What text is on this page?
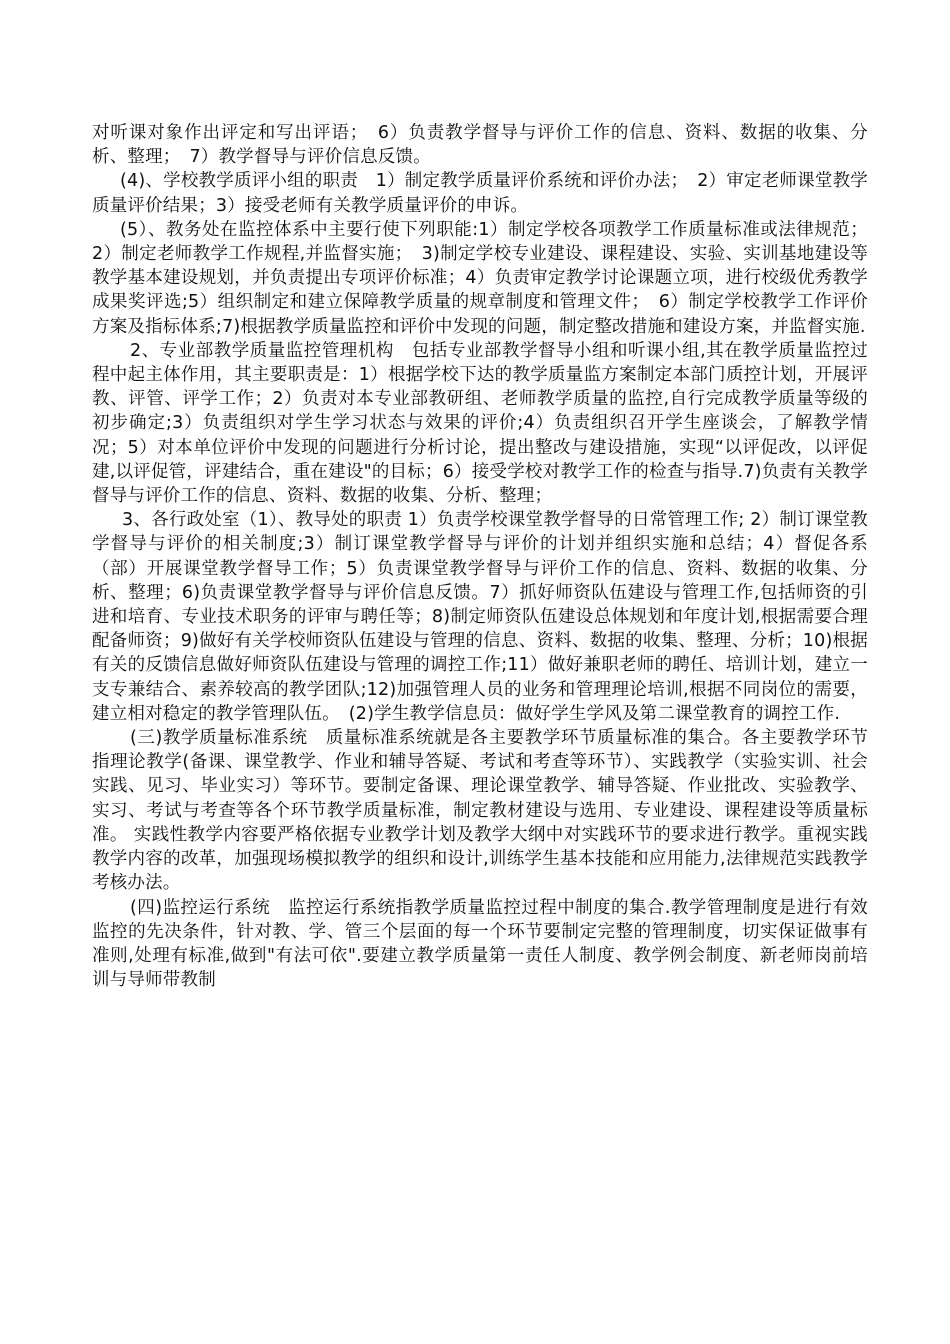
对听课对象作出评定和写出评语；　6）负责教学督导与评价工作的信息、资料、数据的收集、分析、整理；　7）教学督导与评价信息反馈。

(4)、学校教学质评小组的职责　1）制定教学质量评价系统和评价办法；　2）审定老师课堂教学质量评价结果；3）接受老师有关教学质量评价的申诉。

(5）、教务处在监控体系中主要行使下列职能:1）制定学校各项教学工作质量标准或法律规范；2）制定老师教学工作规程,并监督实施；　3)制定学校专业建设、课程建设、实验、实训基地建设等教学基本建设规划，并负责提出专项评价标准；4）负责审定教学讨论课题立项，进行校级优秀教学成果奖评选;5）组织制定和建立保障教学质量的规章制度和管理文件；　6）制定学校教学工作评价方案及指标体系;7)根据教学质量监控和评价中发现的问题，制定整改措施和建设方案，并监督实施.

2、专业部教学质量监控管理机构　包括专业部教学督导小组和听课小组,其在教学质量监控过程中起主体作用，其主要职责是：1）根据学校下达的教学质量监方案制定本部门质控计划，开展评教、评管、评学工作；2）负责对本专业部教研组、老师教学质量的监控,自行完成教学质量等级的初步确定;3）负责组织对学生学习状态与效果的评价;4）负责组织召开学生座谈会，了解教学情况；5）对本单位评价中发现的问题进行分析讨论，提出整改与建设措施，实现“以评促改，以评促建,以评促管，评建结合，重在建设"的目标；6）接受学校对教学工作的检查与指导.7)负责有关教学督导与评价工作的信息、资料、数据的收集、分析、整理；

3、各行政处室（1）、教导处的职责 1）负责学校课堂教学督导的日常管理工作; 2）制订课堂教学督导与评价的相关制度;3）制订课堂教学督导与评价的计划并组织实施和总结；4）督促各系（部）开展课堂教学督导工作；5）负责课堂教学督导与评价工作的信息、资料、数据的收集、分析、整理；6)负责课堂教学督导与评价信息反馈。7）抓好师资队伍建设与管理工作,包括师资的引进和培育、专业技术职务的评审与聘任等；8)制定师资队伍建设总体规划和年度计划,根据需要合理配备师资；9)做好有关学校师资队伍建设与管理的信息、资料、数据的收集、整理、分析；10)根据有关的反馈信息做好师资队伍建设与管理的调控工作;11）做好兼职老师的聘任、培训计划，建立一支专兼结合、素养较高的教学团队;12)加强管理人员的业务和管理理论培训,根据不同岗位的需要，建立相对稳定的教学管理队伍。　(2)学生教学信息员：做好学生学风及第二课堂教育的调控工作.

(三)教学质量标准系统　质量标准系统就是各主要教学环节质量标准的集合。各主要教学环节指理论教学(备课、课堂教学、作业和辅导答疑、考试和考查等环节）、实践教学（实验实训、社会实践、见习、毕业实习）等环节。要制定备课、理论课堂教学、辅导答疑、作业批改、实验教学、实习、考试与考查等各个环节教学质量标准，制定教材建设与选用、专业建设、课程建设等质量标准。 实践性教学内容要严格依据专业教学计划及教学大纲中对实践环节的要求进行教学。重视实践教学内容的改革，加强现场模拟教学的组织和设计,训练学生基本技能和应用能力,法律规范实践教学考核办法。

(四)监控运行系统　监控运行系统指教学质量监控过程中制度的集合.教学管理制度是进行有效监控的先决条件，针对教、学、管三个层面的每一个环节要制定完整的管理制度，切实保证做事有准则,处理有标准,做到"有法可依".要建立教学质量第一责任人制度、教学例会制度、新老师岗前培训与导师带教制
